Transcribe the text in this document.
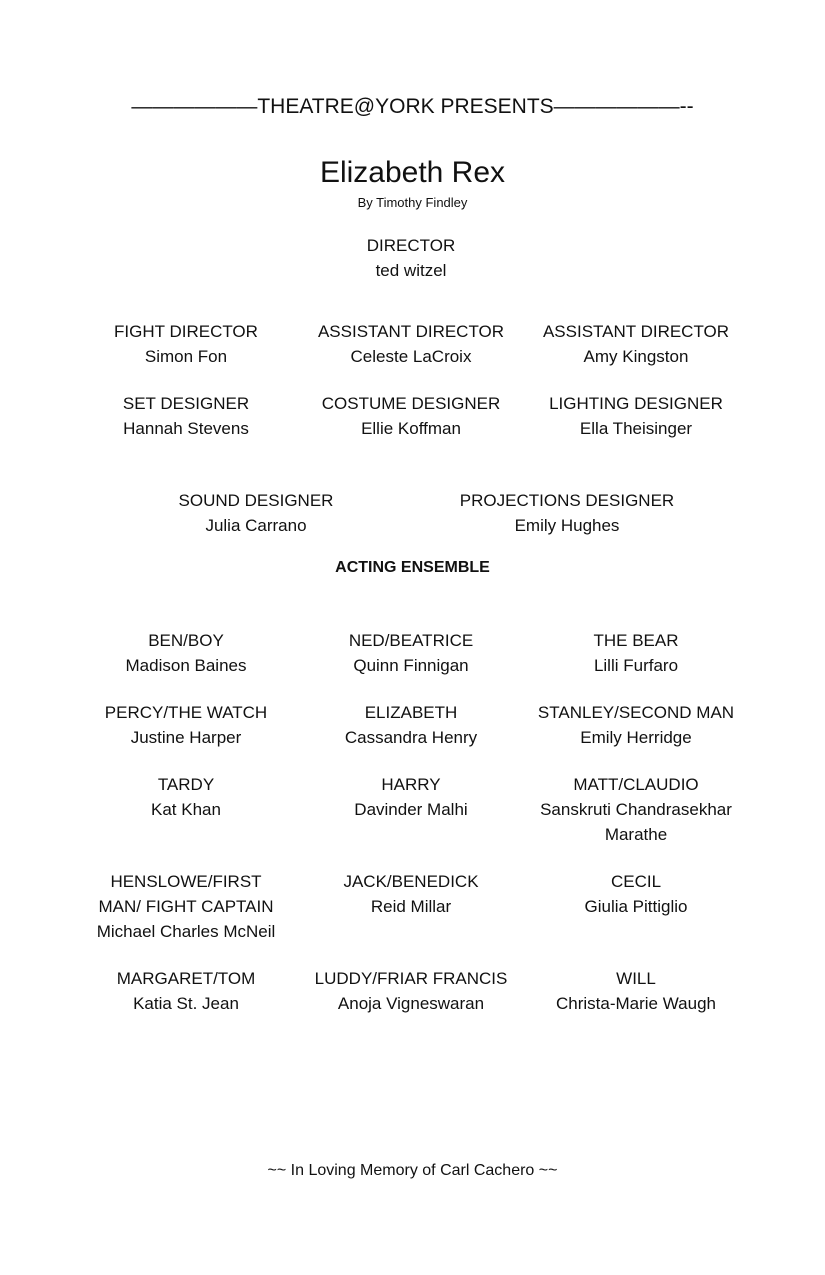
——————THEATRE@YORK PRESENTS——————--
Elizabeth Rex
By Timothy Findley
DIRECTOR
ted witzel
ACTING ENSEMBLE
~~ In Loving Memory of Carl Cachero ~~
FIGHT DIRECTOR
Simon Fon
ASSISTANT DIRECTOR
Celeste LaCroix
ASSISTANT DIRECTOR
Amy Kingston
SET DESIGNER
Hannah Stevens
COSTUME DESIGNER
Ellie Koffman
LIGHTING DESIGNER
Ella Theisinger
SOUND DESIGNER
Julia Carrano
PROJECTIONS DESIGNER
Emily Hughes
BEN/BOY
Madison Baines
NED/BEATRICE
Quinn Finnigan
THE BEAR
Lilli Furfaro
PERCY/THE WATCH
Justine Harper
ELIZABETH
Cassandra Henry
STANLEY/SECOND MAN
Emily Herridge
TARDY
Kat Khan
HARRY
Davinder Malhi
MATT/CLAUDIO
Sanskruti Chandrasekhar Marathe
HENSLOWE/FIRST MAN/ FIGHT CAPTAIN
Michael Charles McNeil
JACK/BENEDICK
Reid Millar
CECIL
Giulia Pittiglio
MARGARET/TOM
Katia St. Jean
LUDDY/FRIAR FRANCIS
Anoja Vigneswaran
WILL
Christa-Marie Waugh
